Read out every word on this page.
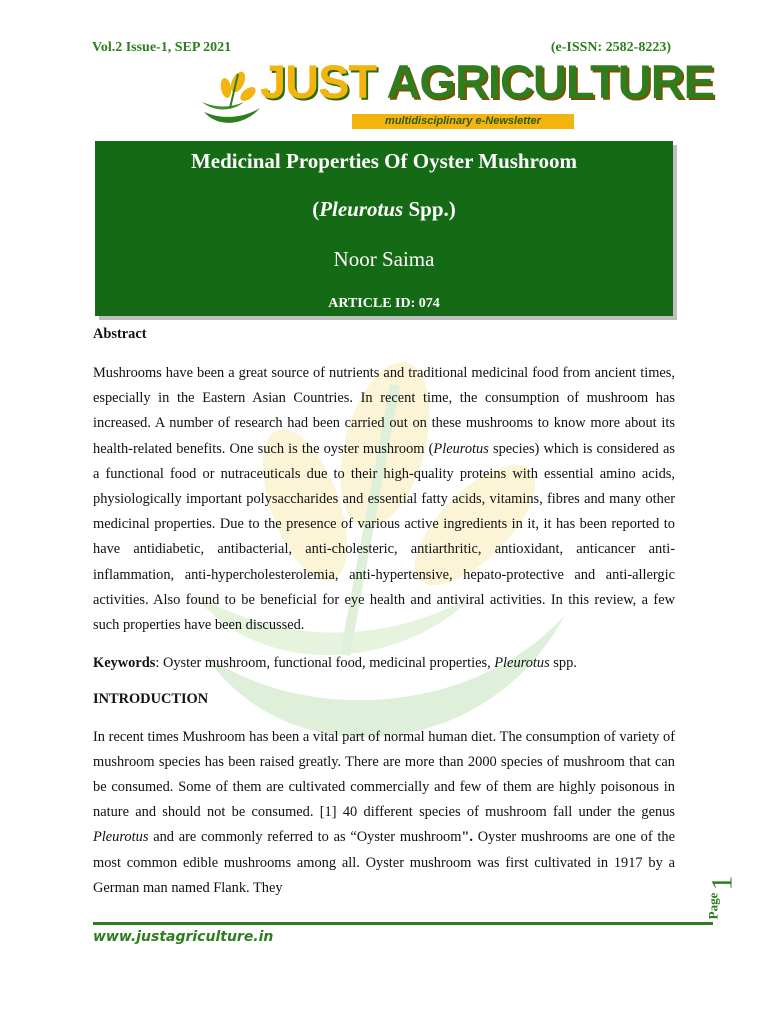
Vol.2 Issue-1, SEP 2021	(e-ISSN: 2582-8223)
JUST AGRICULTURE
multidisciplinary e-Newsletter
Medicinal Properties Of Oyster Mushroom
(Pleurotus Spp.)
Noor Saima
ARTICLE ID: 074

Abstract

Mushrooms have been a great source of nutrients and traditional medicinal food from ancient times, especially in the Eastern Asian Countries. In recent time, the consumption of mushroom has increased. A number of research had been carried out on these mushrooms to know more about its health-related benefits. One such is the oyster mushroom (Pleurotus species) which is considered as a functional food or nutraceuticals due to their high-quality proteins with essential amino acids, physiologically important polysaccharides and essential fatty acids, vitamins, fibres and many other medicinal properties. Due to the presence of various active ingredients in it, it has been reported to have antidiabetic, antibacterial, anti-cholesteric, antiarthritic, antioxidant, anticancer anti-inflammation, anti-hypercholesterolemia, anti-hypertensive, hepato-protective and anti-allergic activities. Also found to be beneficial for eye health and antiviral activities. In this review, a few such properties have been discussed.

Keywords: Oyster mushroom, functional food, medicinal properties, Pleurotus spp.

INTRODUCTION

In recent times Mushroom has been a vital part of normal human diet. The consumption of variety of mushroom species has been raised greatly. There are more than 2000 species of mushroom that can be consumed. Some of them are cultivated commercially and few of them are highly poisonous in nature and should not be consumed. [1] 40 different species of mushroom fall under the genus Pleurotus and are commonly referred to as “Oyster mushroom". Oyster mushrooms are one of the most common edible mushrooms among all. Oyster mushroom was first cultivated in 1917 by a German man named Flank. They

www.justagriculture.in
1
Page
